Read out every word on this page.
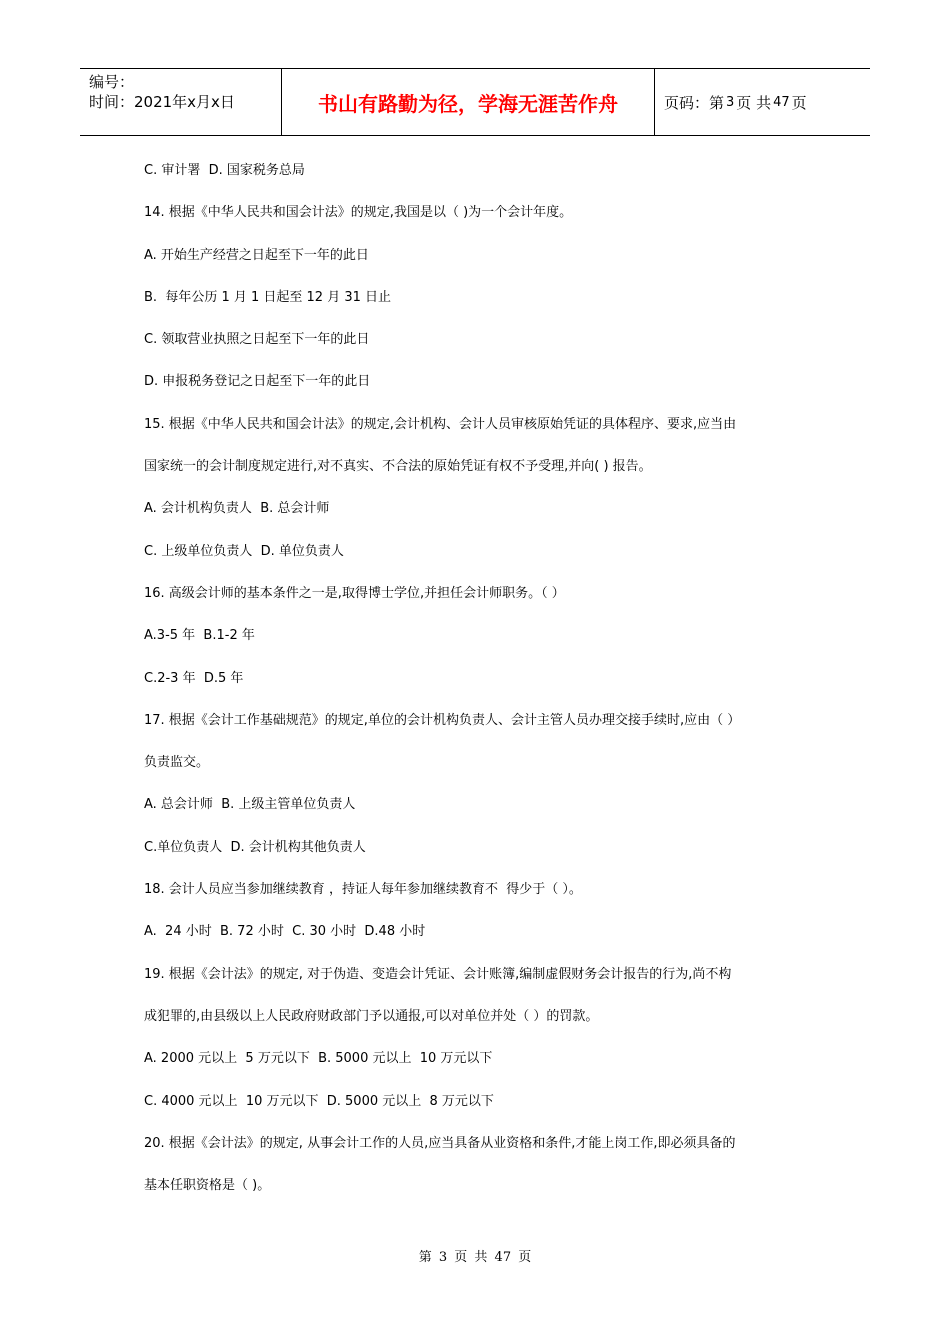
编号：
时间：2021年x月x日	书山有路勤为径，学海无涯苦作舟	页码：第 3 页 共 47 页
C. 审计署  D. 国家税务总局
14. 根据《中华人民共和国会计法》的规定,我国是以（ )为一个会计年度。
A. 开始生产经营之日起至下一年的此日
B.  每年公历 1 月 1 日起至 12 月 31 日止
C. 领取营业执照之日起至下一年的此日
D. 申报税务登记之日起至下一年的此日
15. 根据《中华人民共和国会计法》的规定,会计机构、会计人员审核原始凭证的具体程序、要求,应当由
国家统一的会计制度规定进行,对不真实、不合法的原始凭证有权不予受理,并向( ) 报告。
A. 会计机构负责人  B. 总会计师
C. 上级单位负责人  D. 单位负责人
16. 高级会计师的基本条件之一是,取得博士学位,并担任会计师职务。（ ）
A.3-5 年  B.1-2 年
C.2-3 年  D.5 年
17. 根据《会计工作基础规范》的规定,单位的会计机构负责人、会计主管人员办理交接手续时,应由（ ）
负责监交。
A. 总会计师  B. 上级主管单位负责人
C.单位负责人  D. 会计机构其他负责人
18. 会计人员应当参加继续教育 ，持证人每年参加继续教育不  得少于（ ）。
A.  24 小时  B. 72 小时  C. 30 小时  D.48 小时
19. 根据《会计法》的规定, 对于伪造、变造会计凭证、会计账簿,编制虚假财务会计报告的行为,尚不构
成犯罪的,由县级以上人民政府财政部门予以通报,可以对单位并处（ ）的罚款。
A. 2000 元以上  5 万元以下  B. 5000 元以上  10 万元以下
C. 4000 元以上  10 万元以下  D. 5000 元以上  8 万元以下
20. 根据《会计法》的规定, 从事会计工作的人员,应当具备从业资格和条件,才能上岗工作,即必须具备的
基本任职资格是（ )。
第 3 页 共 47 页
